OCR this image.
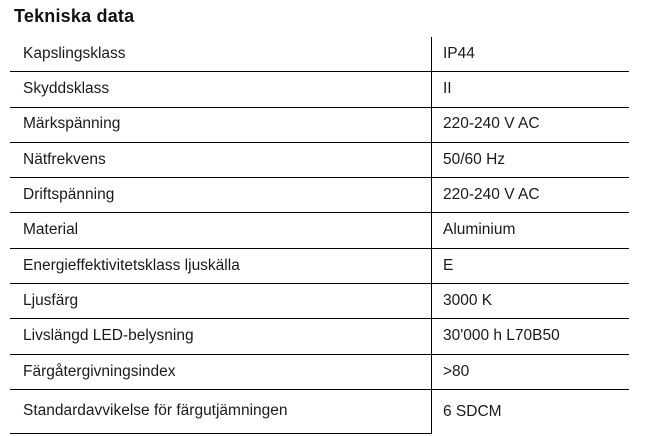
Tekniska data
Kapslingsklass	IP44
Skyddsklass	II
Märkspänning	220-240 V AC
Nätfrekvens	50/60 Hz
Driftspänning	220-240 V AC
Material	Aluminium
Energieffektivitetsklass ljuskälla	E
Ljusfärg	3000 K
Livslängd LED-belysning	30'000 h L70B50
Färgåtergivningsindex	>80
Standardavvikelse för färgutjämningen	6 SDCM
